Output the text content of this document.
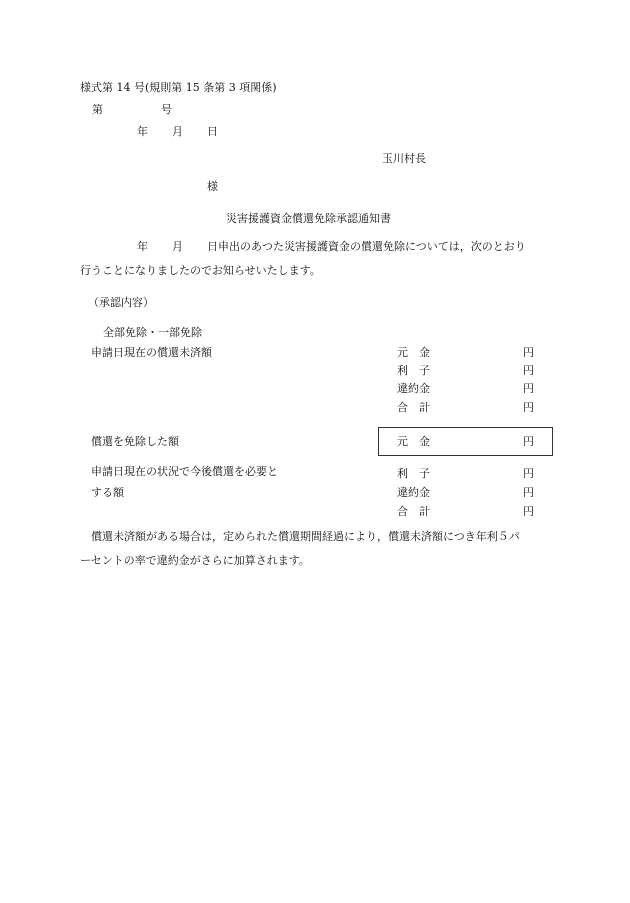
様式第 14 号(規則第 15 条第 3 項関係)
第	号
年 月 日
玉川村長
様
災害援護資金償還免除承認通知書
年 月 日申出のあつた災害援護資金の償還免除については，次のとおり
行うことになりましたのでお知らせいたします。
（承認内容）
全部免除・一部免除
申請日現在の償還未済額	元　金	円
利　子	円
違約金	円
合　計	円
償還を免除した額	元　金	円
申請日現在の状況で今後償還を必要と
する額
利　子	円
違約金	円
合　計	円
償還未済額がある場合は，定められた償還期間経過により，償還未済額につき年利５パ
ーセントの率で違約金がさらに加算されます。
